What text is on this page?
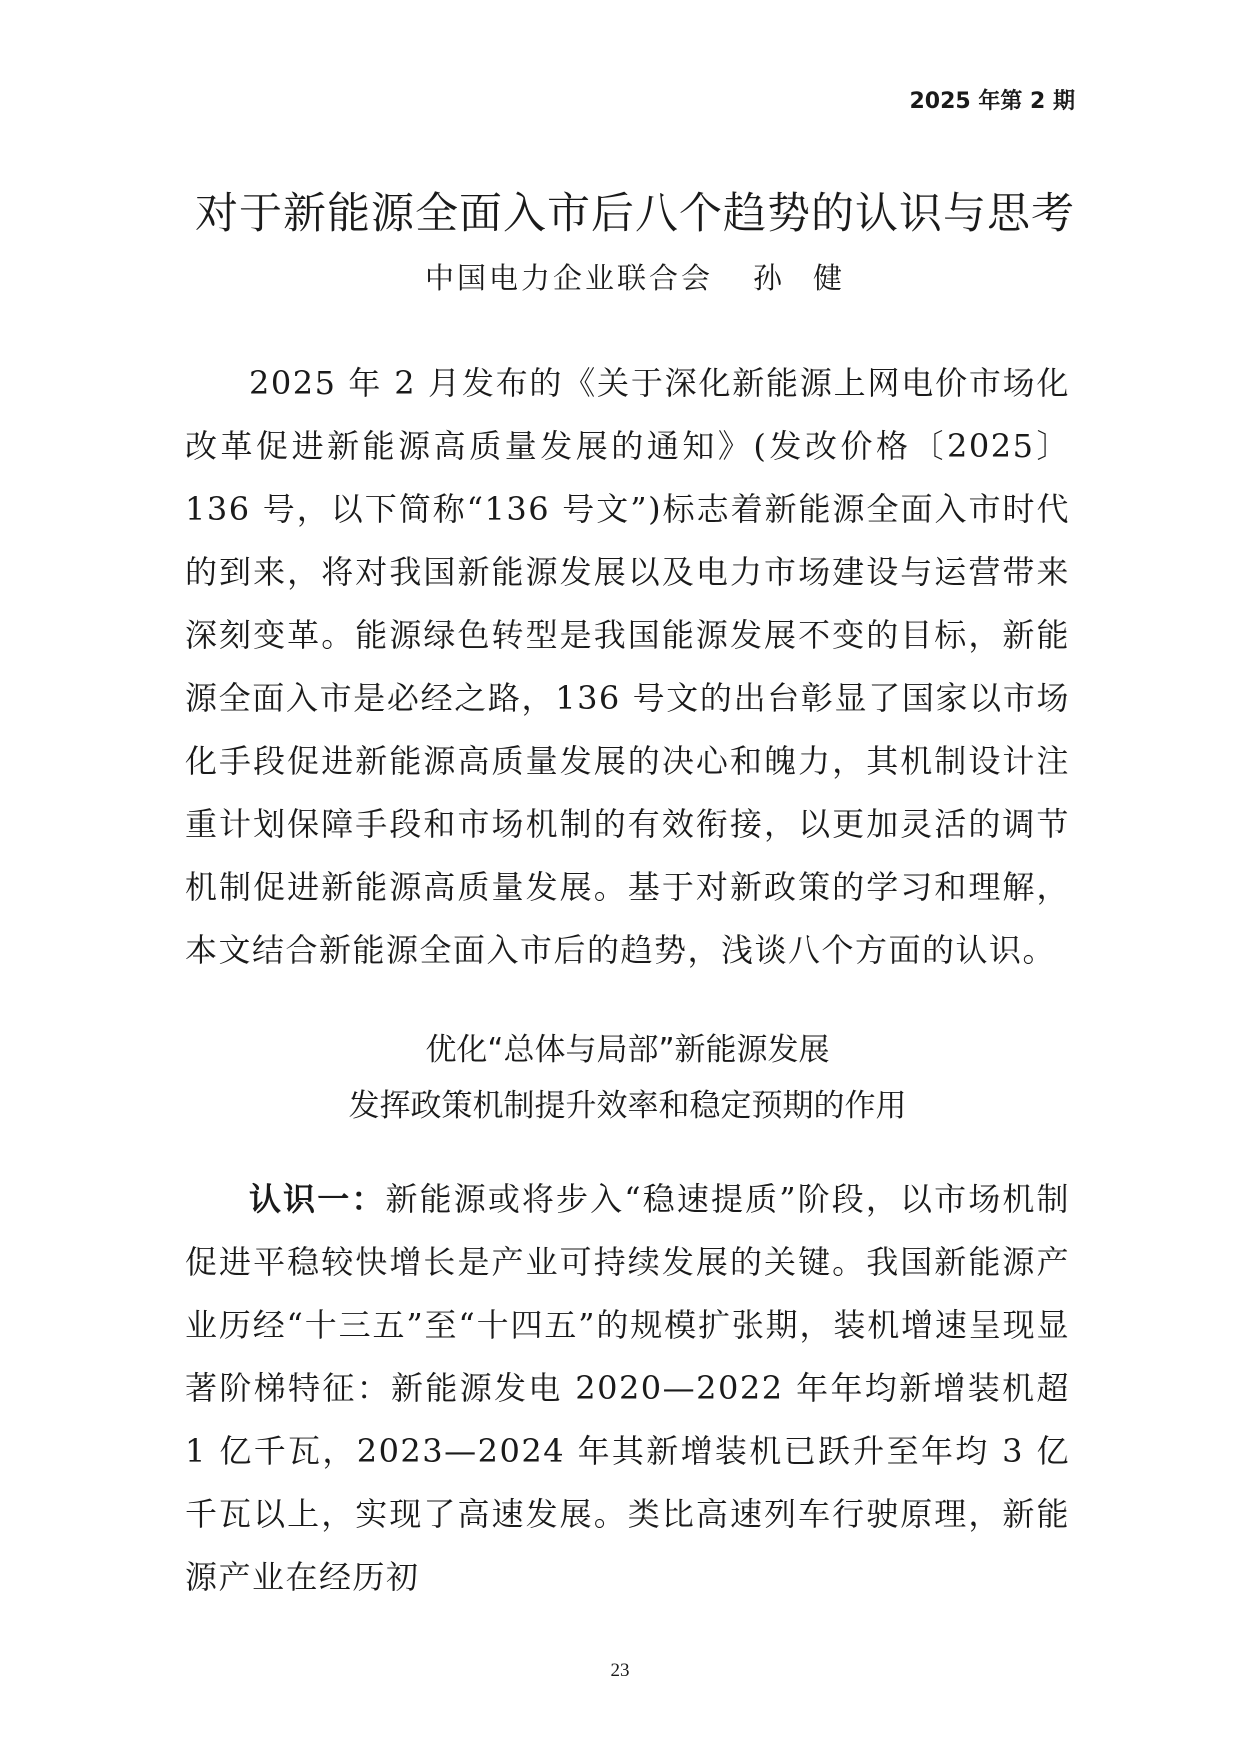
2025 年第 2 期
对于新能源全面入市后八个趋势的认识与思考
中国电力企业联合会 孙 健

2025 年 2 月发布的《关于深化新能源上网电价市场化改革促进新能源高质量发展的通知》(发改价格〔2025〕136 号，以下简称“136 号文”)标志着新能源全面入市时代的到来，将对我国新能源发展以及电力市场建设与运营带来深刻变革。能源绿色转型是我国能源发展不变的目标，新能源全面入市是必经之路，136 号文的出台彰显了国家以市场化手段促进新能源高质量发展的决心和魄力，其机制设计注重计划保障手段和市场机制的有效衔接，以更加灵活的调节机制促进新能源高质量发展。基于对新政策的学习和理解，本文结合新能源全面入市后的趋势，浅谈八个方面的认识。

优化“总体与局部”新能源发展
发挥政策机制提升效率和稳定预期的作用

认识一：新能源或将步入“稳速提质”阶段，以市场机制促进平稳较快增长是产业可持续发展的关键。我国新能源产业历经“十三五”至“十四五”的规模扩张期，装机增速呈现显著阶梯特征：新能源发电 2020—2022 年年均新增装机超 1 亿千瓦，2023—2024 年其新增装机已跃升至年均 3 亿千瓦以上，实现了高速发展。类比高速列车行驶原理，新能源产业在经历初

23
